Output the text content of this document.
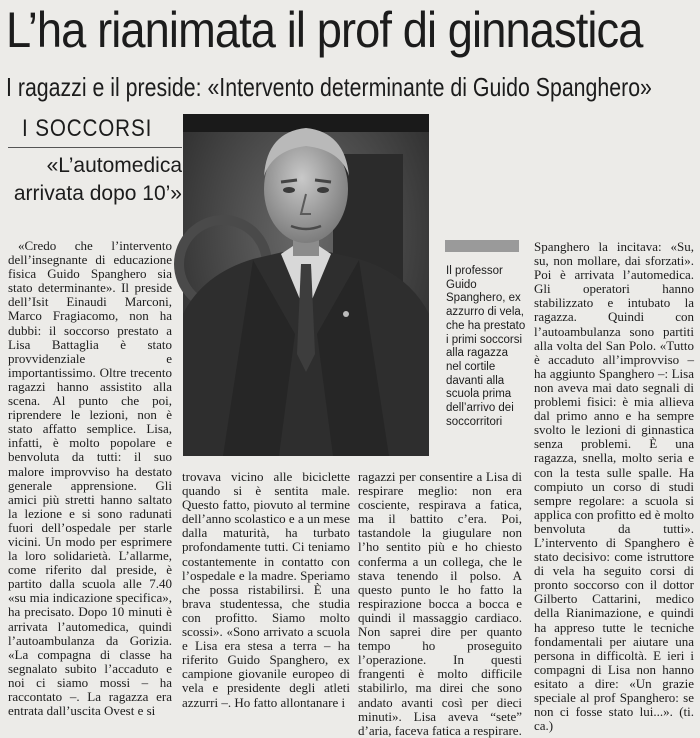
L’ha rianimata il prof di ginnastica
I ragazzi e il preside: «Intervento determinante di Guido Spanghero»
I SOCCORSI
«L’automedica arrivata dopo 10’»
Il professor Guido Spanghero, ex azzurro di vela, che ha prestato i primi soccorsi alla ragazza nel cortile davanti alla scuola prima dell’arrivo dei soccorritori

«Credo che l’intervento dell’insegnante di educazione fisica Guido Spanghero sia stato determinante». Il preside dell’Isit Einaudi Marconi, Marco Fragiacomo, non ha dubbi: il soccorso prestato a Lisa Battaglia è stato provvidenziale e importantissimo. Oltre trecento ragazzi hanno assistito alla scena. Al punto che poi, riprendere le lezioni, non è stato affatto semplice. Lisa, infatti, è molto popolare e benvoluta da tutti: il suo malore improvviso ha destato generale apprensione. Gli amici più stretti hanno saltato la lezione e si sono radunati fuori dell’ospedale per starle vicini. Un modo per esprimere la loro solidarietà. L’allarme, come riferito dal preside, è partito dalla scuola alle 7.40 «su mia indicazione specifica», ha precisato. Dopo 10 minuti è arrivata l’automedica, quindi l’autoambulanza da Gorizia. «La compagna di classe ha segnalato subito l’accaduto e noi ci siamo mossi – ha raccontato –. La ragazza era entrata dall’uscita Ovest e si

trovava vicino alle biciclette quando si è sentita male. Questo fatto, piovuto al termine dell’anno scolastico e a un mese dalla maturità, ha turbato profondamente tutti. Ci teniamo costantemente in contatto con l’ospedale e la madre. Speriamo che possa ristabilirsi. È una brava studentessa, che studia con profitto. Siamo molto scossi». «Sono arrivato a scuola e Lisa era stesa a terra – ha riferito Guido Spanghero, ex campione giovanile europeo di vela e presidente degli atleti azzurri –. Ho fatto allontanare i

ragazzi per consentire a Lisa di respirare meglio: non era cosciente, respirava a fatica, ma il battito c’era. Poi, tastandole la giugulare non l’ho sentito più e ho chiesto conferma a un collega, che le stava tenendo il polso. A questo punto le ho fatto la respirazione bocca a bocca e quindi il massaggio cardiaco. Non saprei dire per quanto tempo ho proseguito l’operazione. In questi frangenti è molto difficile stabilirlo, ma direi che sono andato avanti così per dieci minuti». Lisa aveva “sete” d’aria, faceva fatica a respirare.

Spanghero la incitava: «Su, su, non mollare, dai sforzati». Poi è arrivata l’automedica. Gli operatori hanno stabilizzato e intubato la ragazza. Quindi con l’autoambulanza sono partiti alla volta del San Polo. «Tutto è accaduto all’improvviso – ha aggiunto Spanghero –: Lisa non aveva mai dato segnali di problemi fisici: è mia allieva dal primo anno e ha sempre svolto le lezioni di ginnastica senza problemi. È una ragazza, snella, molto seria e con la testa sulle spalle. Ha compiuto un corso di studi sempre regolare: a scuola si applica con profitto ed è molto benvoluta da tutti». L’intervento di Spanghero è stato decisivo: come istruttore di vela ha seguito corsi di pronto soccorso con il dottor Gilberto Cattarini, medico della Rianimazione, e quindi ha appreso tutte le tecniche fondamentali per aiutare una persona in difficoltà. E ieri i compagni di Lisa non hanno esitato a dire: «Un grazie speciale al prof Spanghero: se non ci fosse stato lui...». (ti. ca.)
